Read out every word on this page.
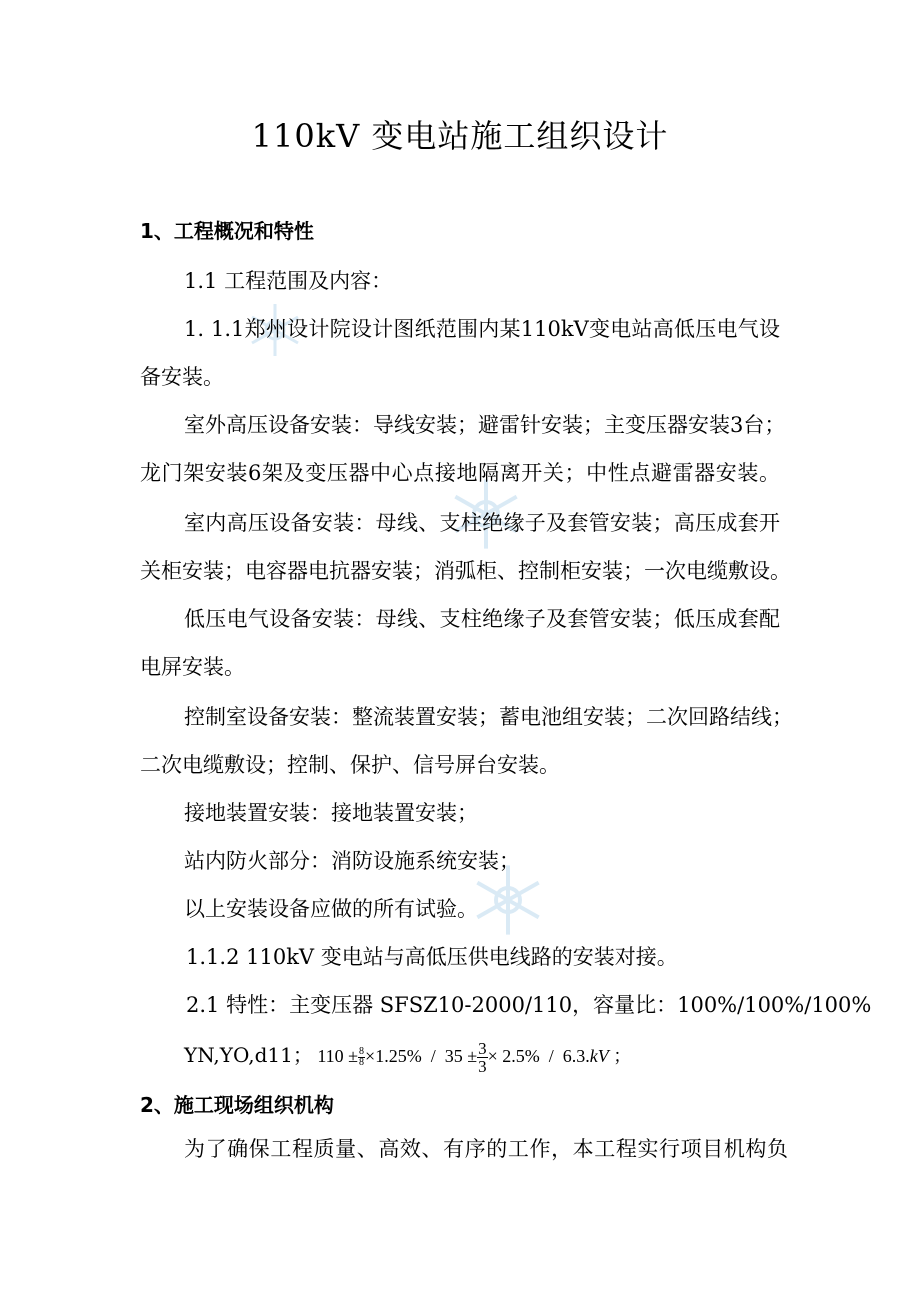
110kV 变电站施工组织设计
1、工程概况和特性
1.1 工程范围及内容：
1. 1.1郑州设计院设计图纸范围内某110kV变电站高低压电气设
备安装。
室外高压设备安装：导线安装；避雷针安装；主变压器安装3台；
龙门架安装6架及变压器中心点接地隔离开关；中性点避雷器安装。
室内高压设备安装：母线、支柱绝缘子及套管安装；高压成套开
关柜安装；电容器电抗器安装；消弧柜、控制柜安装；一次电缆敷设。
低压电气设备安装：母线、支柱绝缘子及套管安装；低压成套配
电屏安装。
控制室设备安装：整流装置安装；蓄电池组安装；二次回路结线；
二次电缆敷设；控制、保护、信号屏台安装。
接地装置安装：接地装置安装；
站内防火部分：消防设施系统安装；
以上安装设备应做的所有试验。
1.1.2 110kV 变电站与高低压供电线路的安装对接。
2.1 特性：主变压器 SFSZ10-2000/110，容量比：100%/100%/100%
YN,YO,d11； $110 \pm \frac{8}{8} \times 1.25\% / 35 \pm \frac{3}{3} \times 2.5\% / 6.3.kV$ ；
2、施工现场组织机构
为了确保工程质量、高效、有序的工作，本工程实行项目机构负
